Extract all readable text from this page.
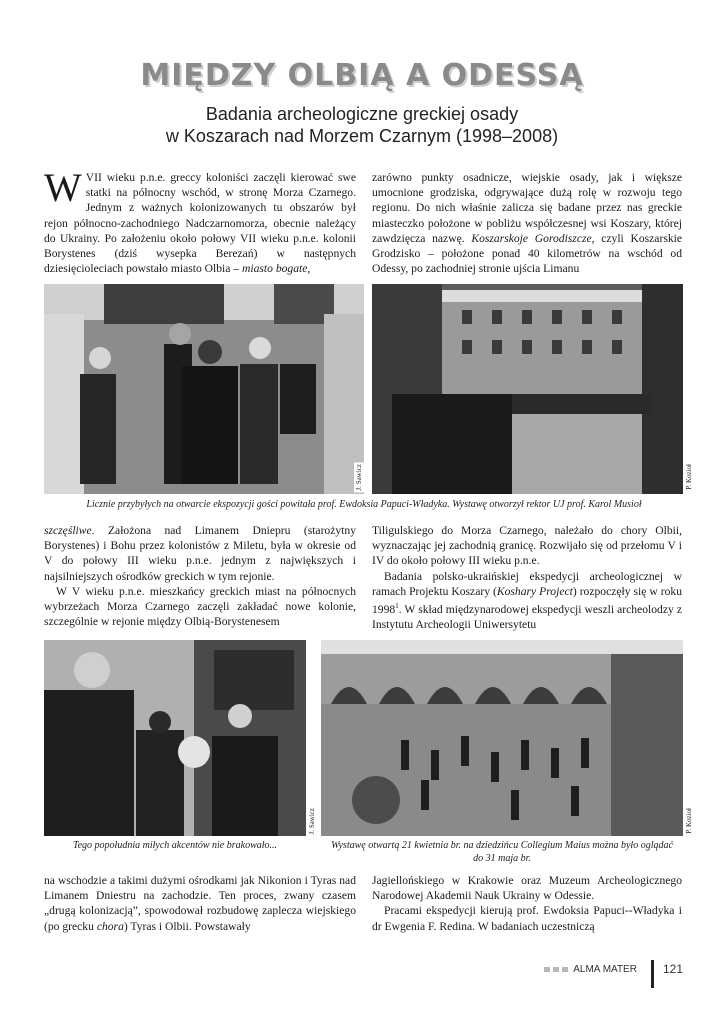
MIĘDZY OLBIĄ A ODESSĄ
Badania archeologiczne greckiej osady
w Koszarach nad Morzem Czarnym (1998–2008)
WVII wieku p.n.e. greccy koloniści zaczęli kierować swe statki na północny wschód, w stronę Morza Czarnego. Jednym z ważnych kolonizowanych tu obszarów był rejon północno-zachodniego Nadczarnomorza, obecnie należący do Ukrainy. Po założeniu około połowy VII wieku p.n.e. kolonii Borystenes (dziś wysepka Berezań) w następnych dziesięcioleciach powstało miasto Olbia – miasto bogate,
zarówno punkty osadnicze, wiejskie osady, jak i większe umocnione grodziska, odgrywające dużą rolę w rozwoju tego regionu. Do nich właśnie zalicza się badane przez nas greckie miasteczko położone w pobliżu współczesnej wsi Koszary, której zawdzięcza nazwę. Koszarskoje Gorodiszcze, czyli Koszarskie Grodzisko – położone ponad 40 kilometrów na wschód od Odessy, po zachodniej stronie ujścia Limanu
J. Sawicz	P. Kozioł
Licznie przybyłych na otwarcie ekspozycji gości powitała prof. Ewdoksia Papuci-Władyka. Wystawę otworzył rektor UJ prof. Karol Musioł

szczęśliwe. Założona nad Limanem Dniepru (starożytny Borystenes) i Bohu przez kolonistów z Miletu, była w okresie od V do połowy III wieku p.n.e. jednym z największych i najsilniejszych ośrodków greckich w tym rejonie.

W V wieku p.n.e. mieszkańcy greckich miast na północnych wybrzeżach Morza Czarnego zaczęli zakładać nowe kolonie, szczególnie w rejonie między Olbią-Borystenesem

Tiligulskiego do Morza Czarnego, należało do chory Olbii, wyznaczając jej zachodnią granicę. Rozwijało się od przełomu V i IV do około połowy III wieku p.n.e.

Badania polsko-ukraińskiej ekspedycji archeologicznej w ramach Projektu Koszary (Koshary Project) rozpoczęły się w roku 1998$^1$. W skład międzynarodowej ekspedycji weszli archeolodzy z Instytutu Archeologii Uniwersytetu

J. Sawicz	P. Kozioł
Tego popołudnia miłych akcentów nie brakowało...	Wystawę otwartą 21 kwietnia br. na dziedzińcu Collegium Maius można było oglądać
do 31 maja br.
na wschodzie a takimi dużymi ośrodkami jak Nikonion i Tyras nad Limanem Dniestru na zachodzie. Ten proces, zwany czasem „drugą kolonizacją”, spowodował rozbudowę zaplecza wiejskiego (po grecku chora) Tyras i Olbii. Powstawały

Jagiellońskiego w Krakowie oraz Muzeum Archeologicznego Narodowej Akademii Nauk Ukrainy w Odessie.

Pracami ekspedycji kierują prof. Ewdoksia Papuci--Władyka i dr Ewgenia F. Redina. W badaniach uczestniczą

ALMA MATER 121
